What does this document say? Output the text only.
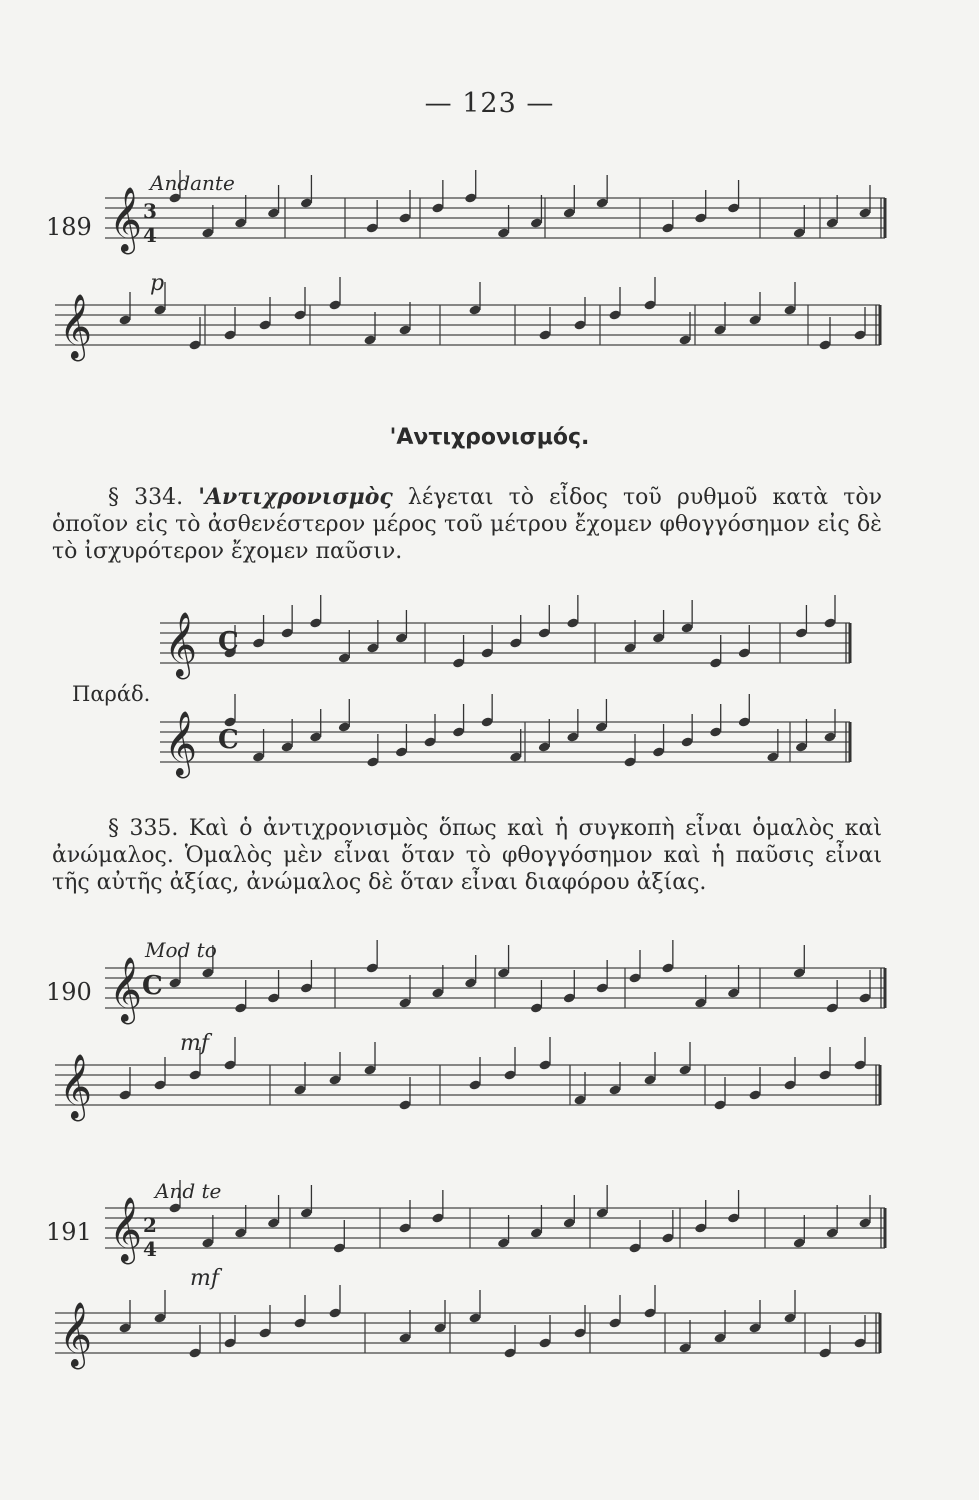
— 123 —
𝄞
𝄞
𝄞
𝄞
𝄞
𝄞
𝄞
𝄞
189
Andante
p
3
4
C
C
190
Mod to
mf
C
191
And te
mf
2
4
'Αντιχρονισμός.
§ 334. 'Αντιχρονισμὸς λέγεται τὸ εἶδος τοῦ ρυθμοῦ κατὰ τὸν ὁποῖον εἰς τὸ ἀσθενέστερον μέρος τοῦ μέτρου ἔχομεν φθογγόσημον εἰς δὲ τὸ ἰσχυρότερον ἔχομεν παῦσιν.
Παράδ.
§ 335. Καὶ ὁ ἀντιχρονισμὸς ὅπως καὶ ἡ συγκοπὴ εἶναι ὁμαλὸς καὶ ἀνώμαλος. Ὁμαλὸς μὲν εἶναι ὅταν τὸ φθογγόσημον καὶ ἡ παῦσις εἶναι τῆς αὐτῆς ἀξίας, ἀνώμαλος δὲ ὅταν εἶναι διαφόρου ἀξίας.
